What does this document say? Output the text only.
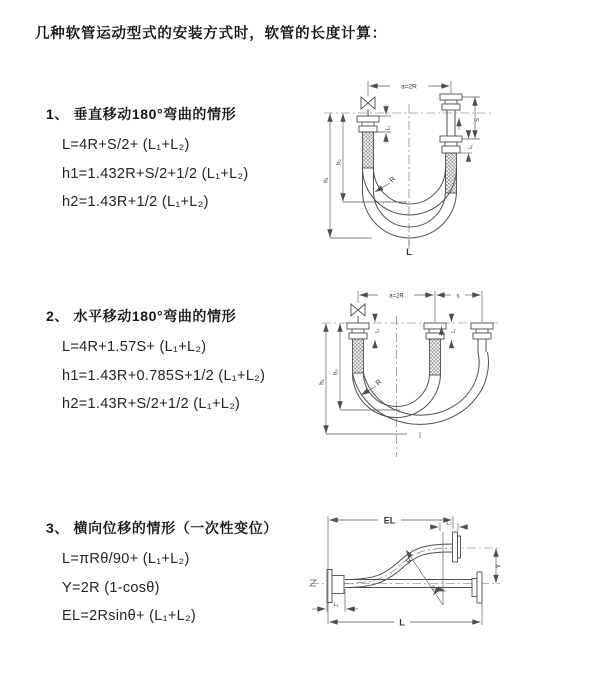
几种软管运动型式的安装方式时，软管的长度计算：

1、 垂直移动180°弯曲的情形

L=4R+S/2+ (L₁+L₂)
h1=1.432R+S/2+1/2 (L₁+L₂)
h2=1.43R+1/2 (L₁+L₂)

2、 水平移动180°弯曲的情形

L=4R+1.57S+ (L₁+L₂)
h1=1.43R+0.785S+1/2 (L₁+L₂)
h2=1.43R+S/2+1/2 (L₁+L₂)

3、 横向位移的情形（一次性变位）

L=πRθ/90+ (L₁+L₂)
Y=2R (1-cosθ)
EL=2Rsinθ+ (L₁+L₂)
a=2R
L₁
S
L₁
h₂
h₁	R
L
a=2R	s
L₁	L₁
h₂
h₁	R
EL	L₂
Y
R
θ
L₁
L
